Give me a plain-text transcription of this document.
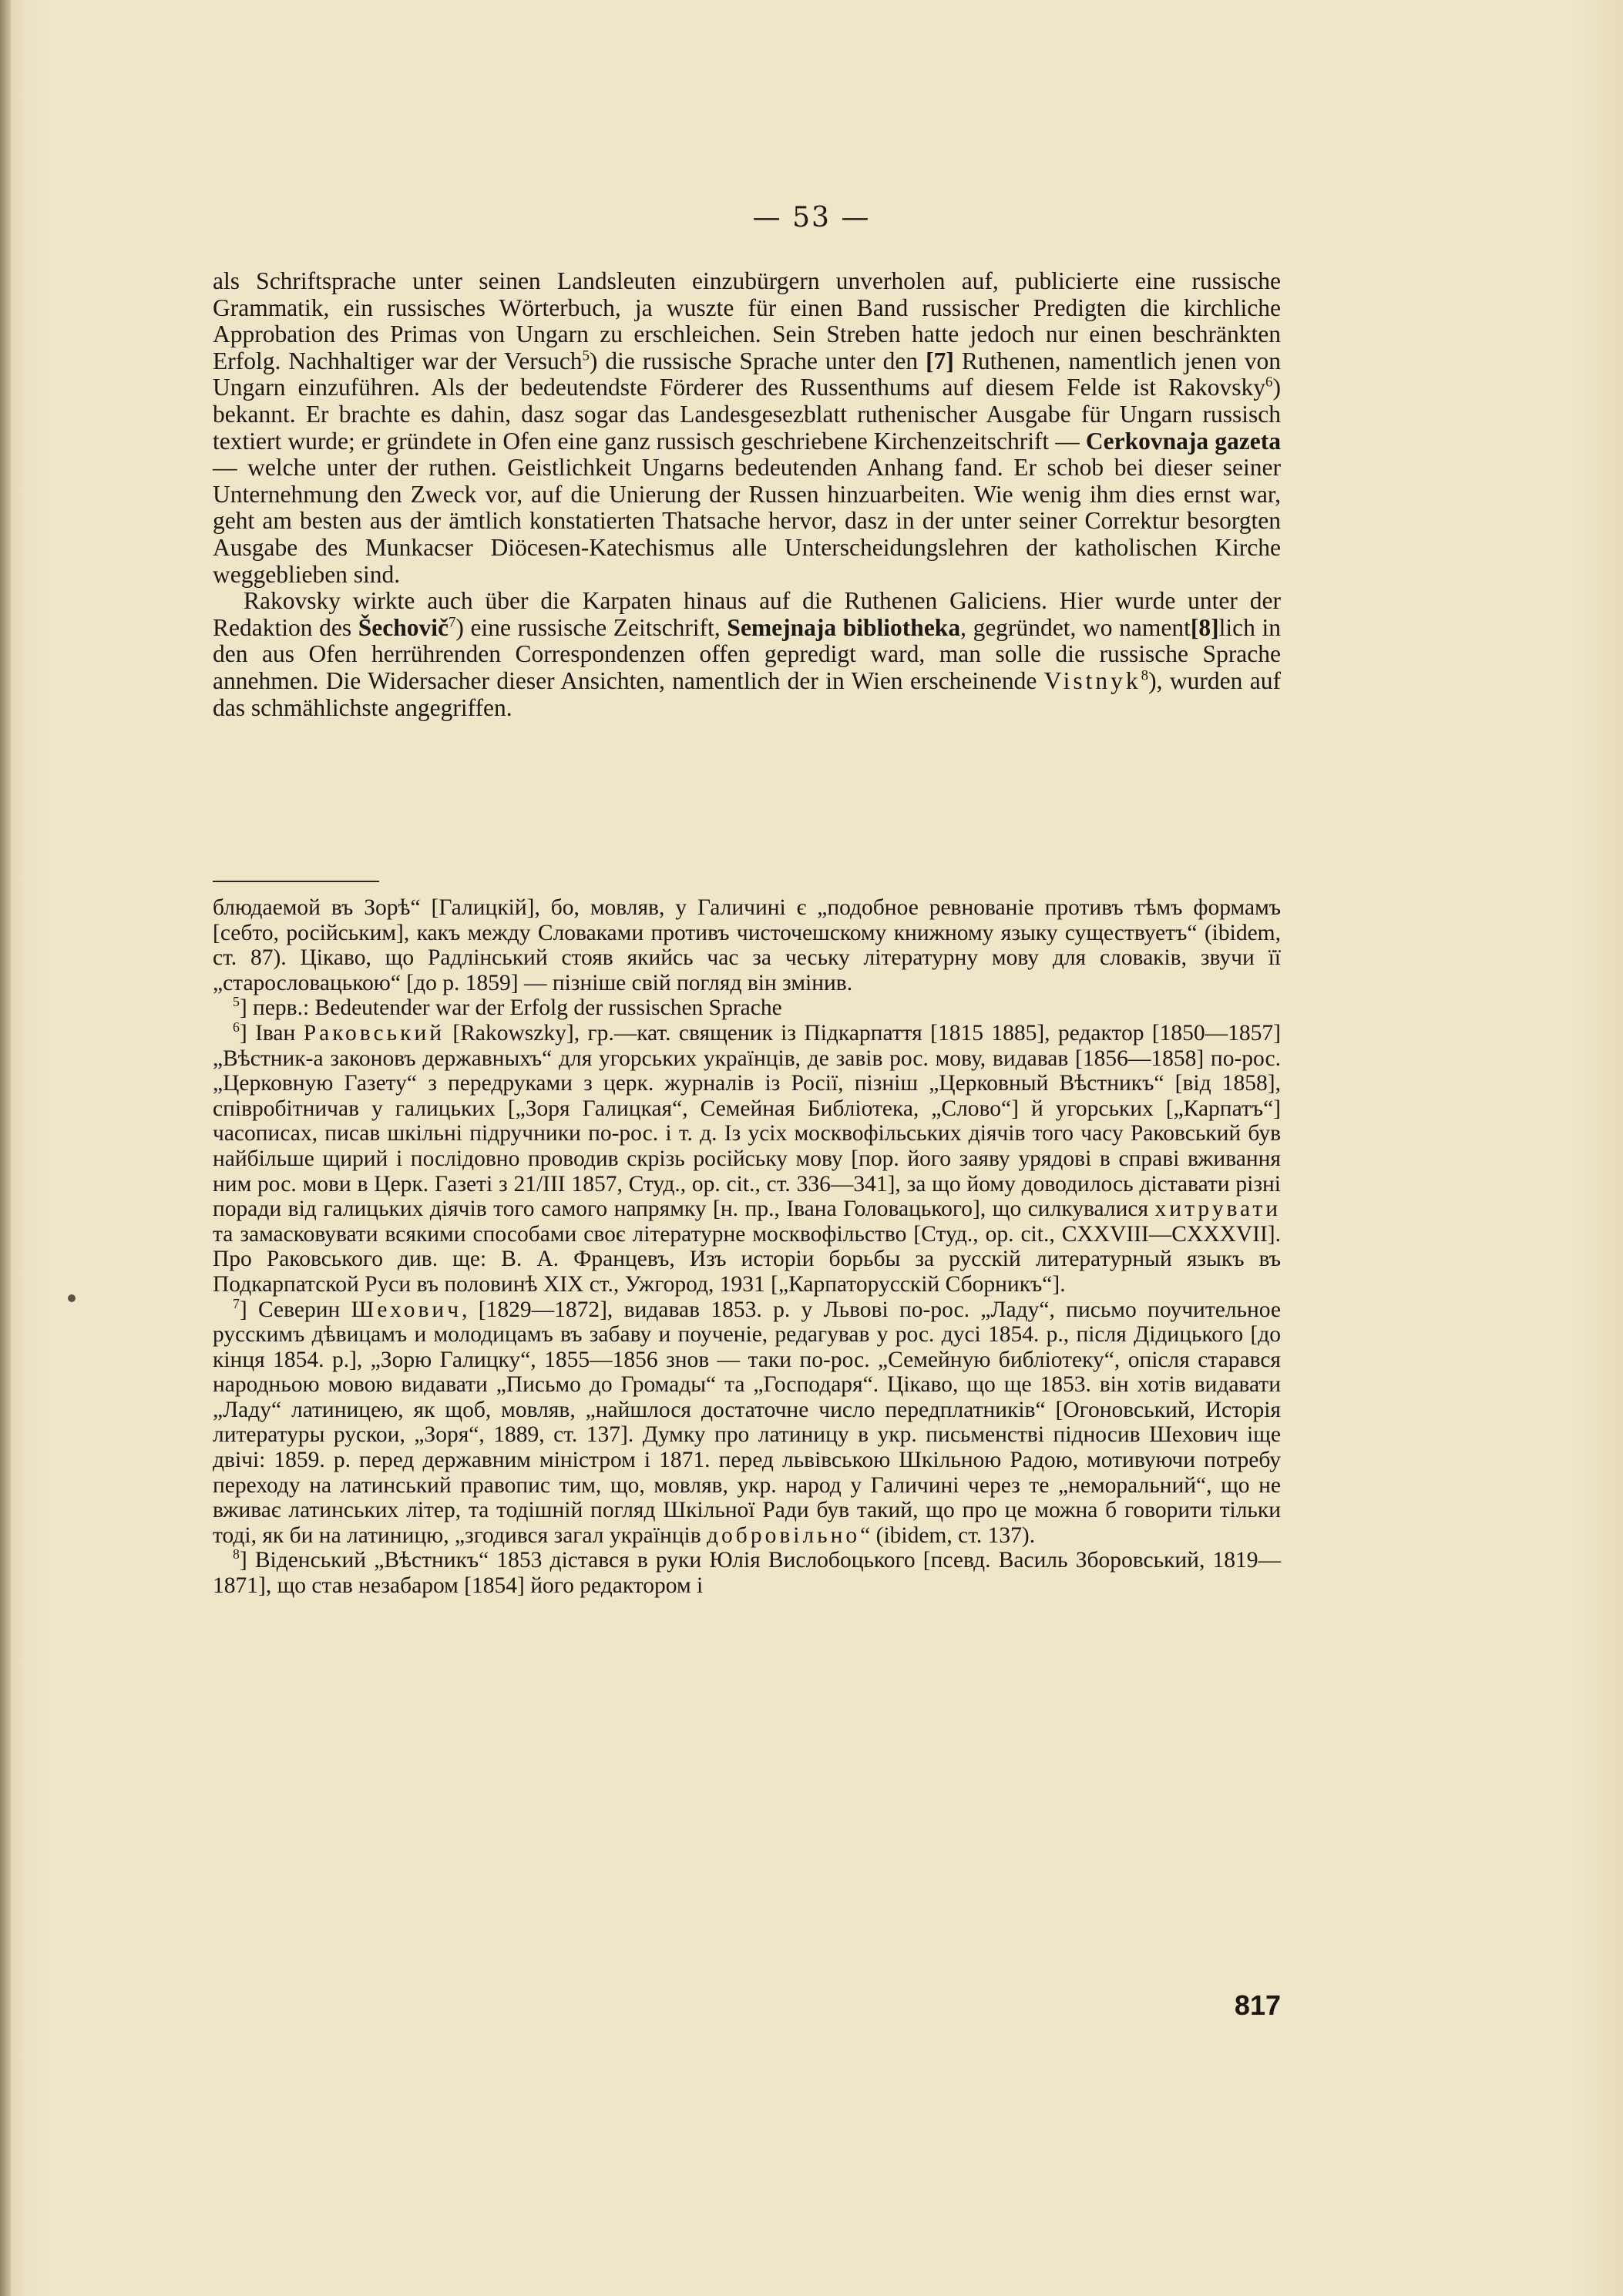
— 53 —

als Schriftsprache unter seinen Landsleuten einzubürgern unverholen auf, publicierte eine russische Grammatik, ein russisches Wörterbuch, ja wuszte für einen Band russischer Predigten die kirchliche Approbation des Primas von Ungarn zu erschleichen. Sein Streben hatte jedoch nur einen beschränkten Erfolg. Nachhaltiger war der Versuch$^5$) die russische Sprache unter den [7] Ruthenen, namentlich jenen von Ungarn einzuführen. Als der bedeutendste Förderer des Russenthums auf diesem Felde ist Rakovsky$^6$) bekannt. Er brachte es dahin, dasz sogar das Landesgesezblatt ruthenischer Ausgabe für Ungarn russisch textiert wurde; er gründete in Ofen eine ganz russisch geschriebene Kirchenzeitschrift — Cerkovnaja gazeta — welche unter der ruthen. Geistlichkeit Ungarns bedeutenden Anhang fand. Er schob bei dieser seiner Unternehmung den Zweck vor, auf die Unierung der Russen hinzuarbeiten. Wie wenig ihm dies ernst war, geht am besten aus der ämtlich konstatierten Thatsache hervor, dasz in der unter seiner Correktur besorgten Ausgabe des Munkacser Diöcesen-Katechismus alle Unterscheidungslehren der katholischen Kirche weggeblieben sind.

Rakovsky wirkte auch über die Karpaten hinaus auf die Ruthenen Galiciens. Hier wurde unter der Redaktion des Šechovič$^7$) eine russische Zeitschrift, Semejnaja bibliotheka, gegründet, wo nament[8]lich in den aus Ofen herrührenden Correspondenzen offen gepredigt ward, man solle die russische Sprache annehmen. Die Widersacher dieser Ansichten, namentlich der in Wien erscheinende Vistnyk$^8$), wurden auf das schmählichste angegriffen.

блюдаемой въ Зорѣ“ [Галицкій], бо, мовляв, у Галичині є „подобное ревнованіе противъ тѣмъ формамъ [себто, російським], какъ между Словаками противъ чисточешскому книжному языку существуетъ“ (ibidem, ст. 87). Цікаво, що Радлінський стояв якийсь час за чеську літературну мову для словаків, звучи її „старословацькою“ [до р. 1859] — пізніше свій погляд він змінив.

$^5$] перв.: Bedeutender war der Erfolg der russischen Sprache

$^6$] Іван Раковський [Rakowszky], гр.—кат. священик із Підкарпаття [1815 1885], редактор [1850—1857] „Вѣстник-а законовъ державныхъ“ для угорських українців, де завів рос. мову, видавав [1856—1858] по-рос. „Церковную Газету“ з передруками з церк. журналів із Росії, пізніш „Церковный Вѣстникъ“ [від 1858], співробітничав у галицьких [„Зоря Галицкая“, Семейная Библіотека, „Слово“] й угорських [„Карпатъ“] часописах, писав шкільні підручники по-рос. і т. д. Із усіх москвофільських діячів того часу Раковський був найбільше щирий і послідовно проводив скрізь російську мову [пор. його заяву урядові в справі вживання ним рос. мови в Церк. Газеті з 21/ІІІ 1857, Студ., op. cit., ст. 336—341], за що йому доводилось діставати різні поради від галицьких діячів того самого напрямку [н. пр., Івана Головацького], що силкувалися хитрувати та замасковувати всякими способами своє літературне москвофільство [Студ., op. cit., CXXVIII—CXXXVII]. Про Раковського див. ще: В. А. Францевъ, Изъ исторіи борьбы за русскій литературный языкъ въ Подкарпатской Руси въ половинѣ XIX ст., Ужгород, 1931 [„Карпаторусскій Сборникъ“].

$^7$] Северин Шехович, [1829—1872], видавав 1853. р. у Львові по-рос. „Ладу“, письмо поучительное русскимъ дѣвицамъ и молодицамъ въ забаву и поученіе, редагував у рос. дусі 1854. р., після Дідицького [до кінця 1854. р.], „Зорю Галицку“, 1855—1856 знов — таки по-рос. „Семейную библіотеку“, опісля старався народньою мовою видавати „Письмо до Громады“ та „Господаря“. Цікаво, що ще 1853. він хотів видавати „Ладу“ латиницею, як щоб, мовляв, „найшлося достаточне число передплатників“ [Огоновський, Исторія литературы рускои, „Зоря“, 1889, ст. 137]. Думку про латиницу в укр. письменстві підносив Шехович іще двічі: 1859. р. перед державним міністром і 1871. перед львівською Шкільною Радою, мотивуючи потребу переходу на латинський правопис тим, що, мовляв, укр. народ у Галичині через те „неморальний“, що не вживає латинських літер, та тодішній погляд Шкільної Ради був такий, що про це можна б говорити тільки тоді, як би на латиницю, „згодився загал українців добровільно“ (ibidem, ст. 137).

$^8$] Віденський „Вѣстникъ“ 1853 дістався в руки Юлія Вислобоцького [псевд. Василь Зборовський, 1819—1871], що став незабаром [1854] його редактором і

817
